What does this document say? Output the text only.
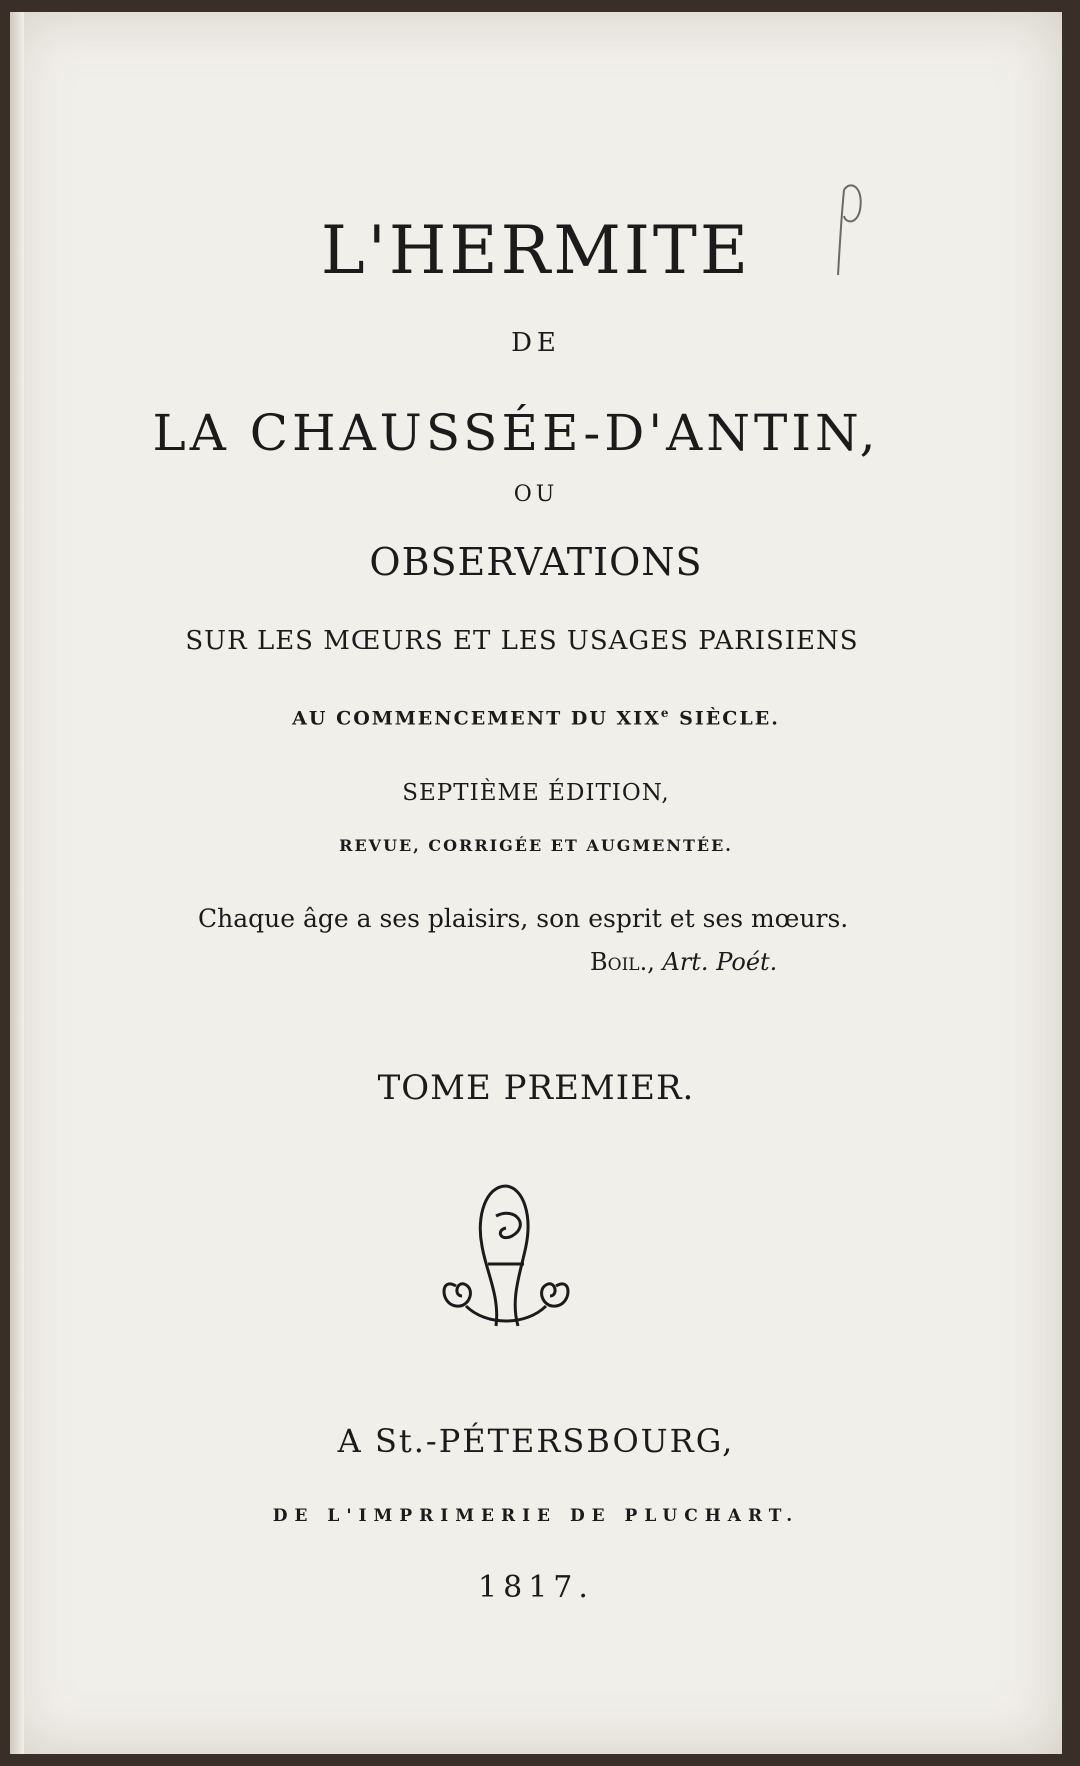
L'HERMITE
DE
LA CHAUSSÉE-D'ANTIN,
OU
OBSERVATIONS
SUR LES MŒURS ET LES USAGES PARISIENS
AU COMMENCEMENT DU XIXe SIÈCLE.
SEPTIÈME ÉDITION,
REVUE, CORRIGÉE ET AUGMENTÉE.
Chaque âge a ses plaisirs, son esprit et ses mœurs.
Boil., Art. Poét.
TOME PREMIER.
A St.-PÉTERSBOURG,
DE L'IMPRIMERIE DE PLUCHART.
1817.
